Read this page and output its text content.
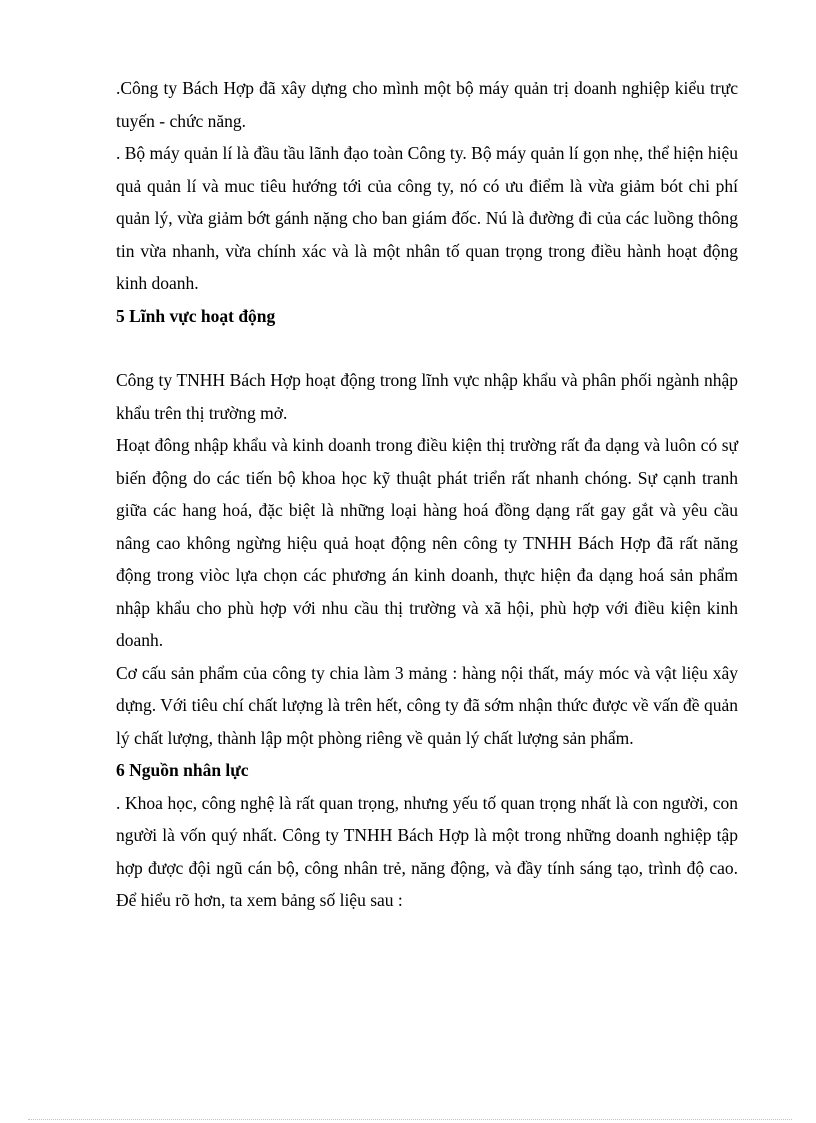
.Công ty Bách Hợp đã xây dựng cho mình một bộ máy quản trị doanh nghiệp kiểu trực tuyến - chức năng.

. Bộ máy quản lí là đầu tầu lãnh đạo toàn Công ty. Bộ máy quản lí gọn nhẹ, thể hiện hiệu quả quản lí và muc tiêu hướng tới của công ty, nó có ưu điểm là vừa giảm bót chi phí quản lý, vừa giảm bớt gánh nặng cho ban giám đốc. Nú là đường đi của các luồng thông tin vừa nhanh, vừa chính xác và là một nhân tố quan trọng trong điều hành hoạt động kinh doanh.

5 Lĩnh vực hoạt động

Công ty TNHH Bách Hợp hoạt động trong lĩnh vực nhập khẩu và phân phối ngành nhập khẩu trên thị trường mở.

Hoạt đông nhập khẩu và kinh doanh trong điều kiện thị trường rất đa dạng và luôn có sự biến động do các tiến bộ khoa học kỹ thuật phát triển rất nhanh chóng. Sự cạnh tranh giữa các hang hoá, đặc biệt là những loại hàng hoá đồng dạng rất gay gắt và yêu cầu nâng cao không ngừng hiệu quả hoạt động nên công ty TNHH Bách Hợp đã rất năng động trong viòc lựa chọn các phương án kinh doanh, thực hiện đa dạng hoá sản phẩm nhập khẩu cho phù hợp với nhu cầu thị trường và xã hội, phù hợp với điều kiện kinh doanh.

Cơ cấu sản phẩm của công ty chia làm 3 mảng : hàng nội thất, máy móc và vật liệu xây dựng. Với tiêu chí chất lượng là trên hết, công ty đã sớm nhận thức được về vấn đề quản lý chất lượng, thành lập một phòng riêng về quản lý chất lượng sản phẩm.

6 Nguồn nhân lực

. Khoa học, công nghệ là rất quan trọng, nhưng yếu tố quan trọng nhất là con người, con người là vốn quý nhất. Công ty TNHH Bách Hợp là một trong những doanh nghiệp tập hợp được đội ngũ cán bộ, công nhân trẻ, năng động, và đầy tính sáng tạo, trình độ cao. Để hiểu rõ hơn, ta xem bảng số liệu sau :
